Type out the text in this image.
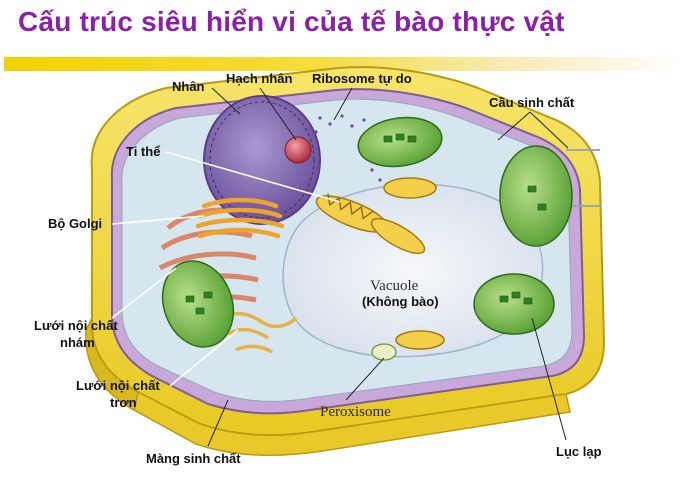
Cấu trúc siêu hiển vi của tế bào thực vật
Nhân
Hạch nhân Ribosome tự do
Cầu sinh chất
Ti thể
Bộ Golgi
Vacuole
(Không bào)
Lưới nội chất
nhám
Lưới nội chất
trơn
Peroxisome
Màng sinh chất	Lục lạp
